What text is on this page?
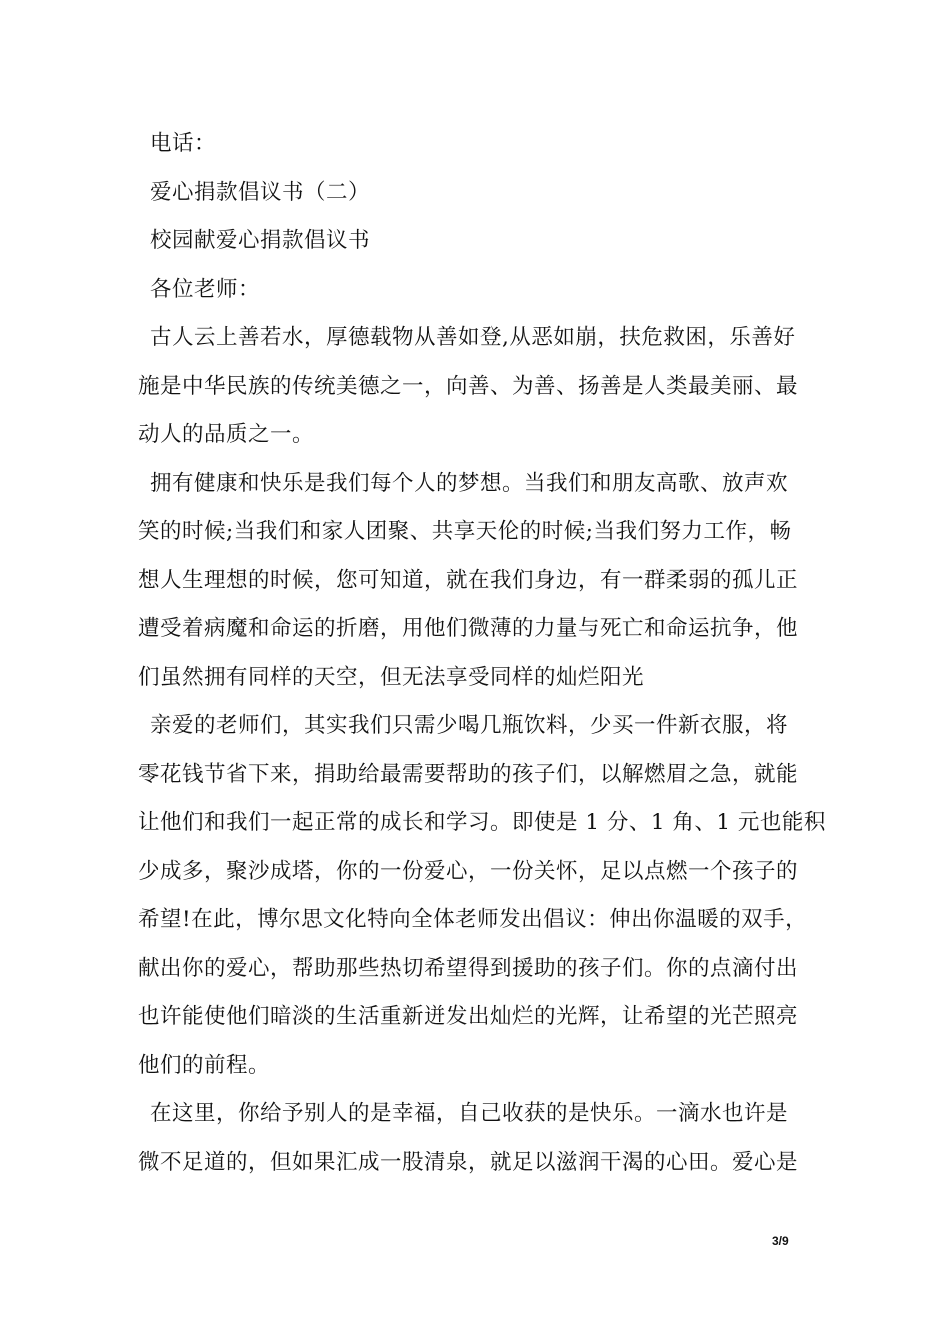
电话：
爱心捐款倡议书（二）
校园献爱心捐款倡议书
各位老师：
古人云上善若水，厚德载物从善如登,从恶如崩，扶危救困，乐善好
施是中华民族的传统美德之一，向善、为善、扬善是人类最美丽、最
动人的品质之一。
拥有健康和快乐是我们每个人的梦想。当我们和朋友高歌、放声欢
笑的时候;当我们和家人团聚、共享天伦的时候;当我们努力工作，畅
想人生理想的时候，您可知道，就在我们身边，有一群柔弱的孤儿正
遭受着病魔和命运的折磨，用他们微薄的力量与死亡和命运抗争，他
们虽然拥有同样的天空，但无法享受同样的灿烂阳光
亲爱的老师们，其实我们只需少喝几瓶饮料，少买一件新衣服，将
零花钱节省下来，捐助给最需要帮助的孩子们，以解燃眉之急，就能
让他们和我们一起正常的成长和学习。即使是 1 分、1 角、1 元也能积
少成多，聚沙成塔，你的一份爱心，一份关怀，足以点燃一个孩子的
希望!在此，博尔思文化特向全体老师发出倡议：伸出你温暖的双手，
献出你的爱心，帮助那些热切希望得到援助的孩子们。你的点滴付出
也许能使他们暗淡的生活重新迸发出灿烂的光辉，让希望的光芒照亮
他们的前程。
在这里，你给予别人的是幸福，自己收获的是快乐。一滴水也许是
微不足道的，但如果汇成一股清泉，就足以滋润干渴的心田。爱心是
3/9
